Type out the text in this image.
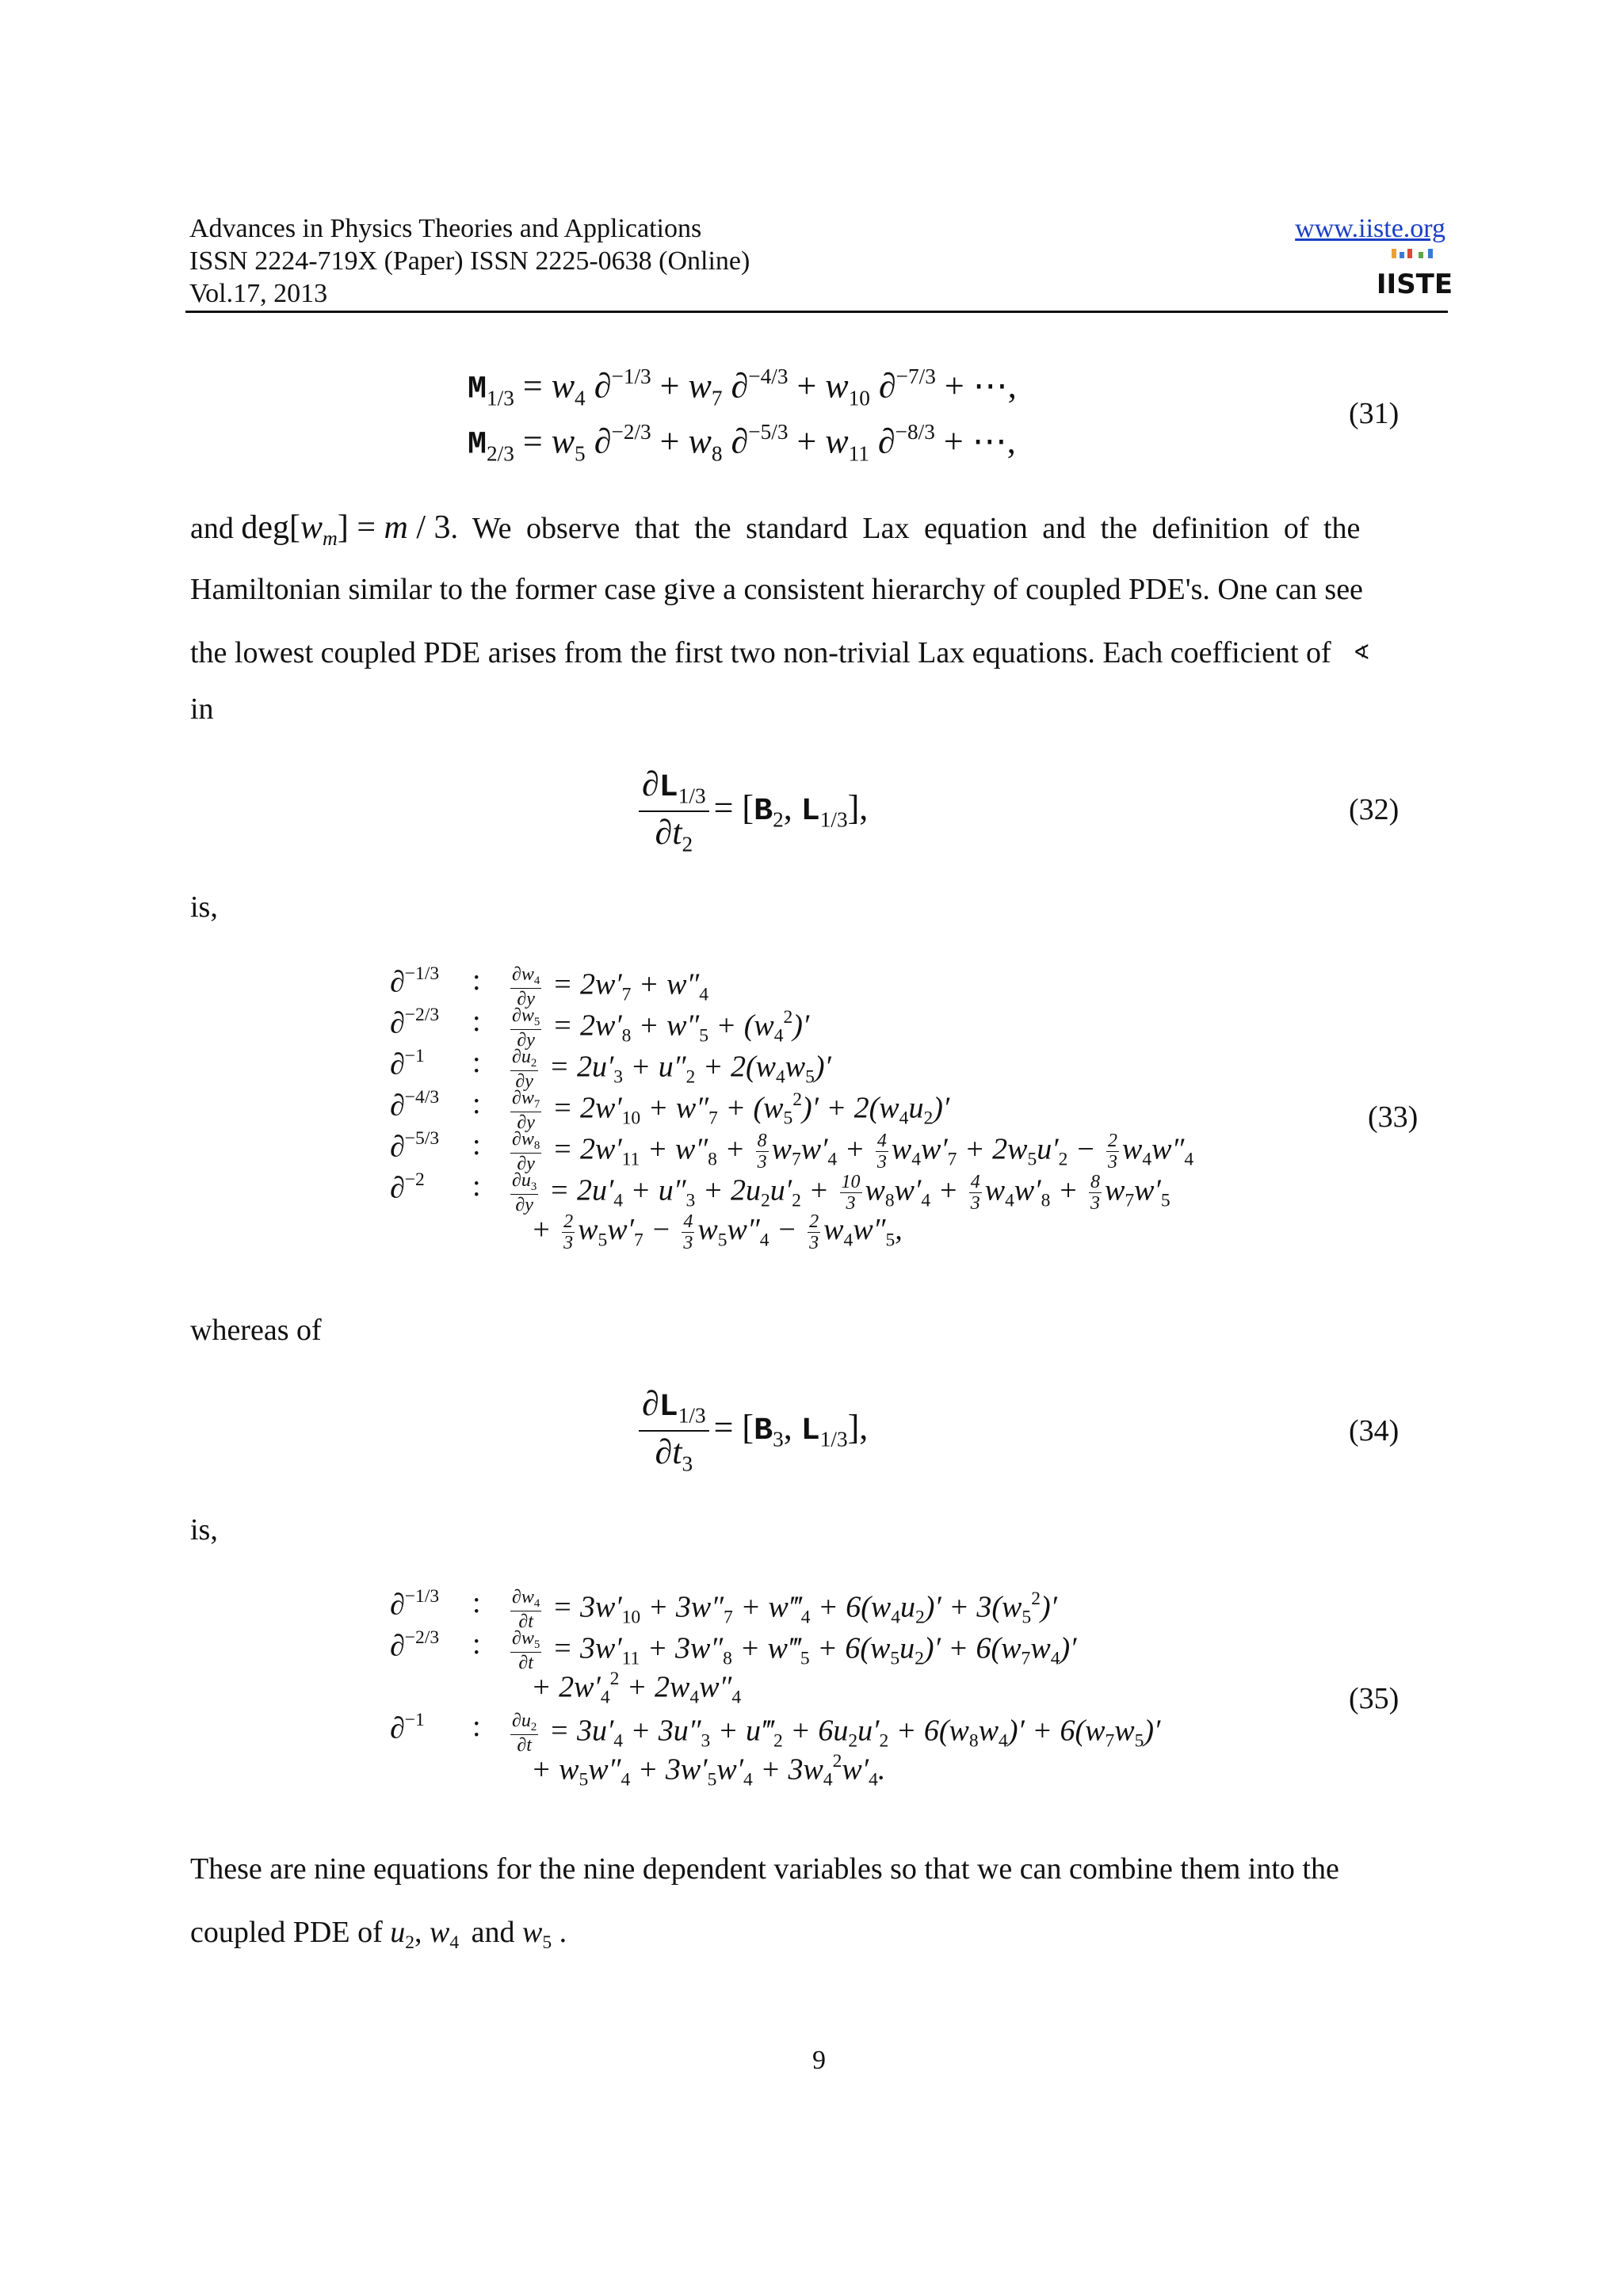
Advances in Physics Theories and Applications
ISSN 2224-719X (Paper) ISSN 2225-0638 (Online)
Vol.17, 2013
www.iiste.org
IISTE
$M_{1/3} = w_4$ $\partial^{-1/3} + w_7$ $\partial^{-4/3} + w_{10}$ ∂$^{-7/3}$ + ⋯,
$M_{2/3} = w_5$ $\partial^{-2/3} + w_8$ $\partial^{-5/3} + w_{11}$ ∂$^{-8/3}$ + ⋯,
(31)
and $deg[w_m] = m / 3$. We observe that the standard Lax equation and the definition of the
Hamiltonian similar to the former case give a consistent hierarchy of coupled PDE's. One can see
the lowest coupled PDE arises from the first two non-trivial Lax equations. Each coefficient of ∢
in
$\frac{\partial L_{1/3}}{\partial t_2} = [B_2$, $L_{1/3}$],	(32)
is,
∂$^{-1/3}$ : $\frac{\partial w_4}{\partial y} = 2w'_7 + w''_4$
∂$^{-2/3}$ : $\frac{\partial w_5}{\partial y} = 2w'_8 + w''_5 + (w_4^2)'$
∂$^{-1}$ : $\frac{\partial u_2}{\partial y} = 2u'_3 + u''_2 + 2(w_4w_5)'$
∂$^{-4/3}$ : $\frac{\partial w_7}{\partial y} = 2w'_{10} + w''_7 + (w_5^2)' + 2(w_4u_2)'$
∂$^{-5/3}$ : $\frac{\partial w_8}{\partial y} = 2w'_{11} + w''_8 + \frac{8}{3} w_7w'_4 + \frac{4}{3} w_4w'_7 + 2w_5u'_2 - \frac{2}{3} w_4w''_4$
∂$^{-2}$ : $\frac{\partial u_3}{\partial y} = 2u'_4 + u''_3 + 2u_2u'_2 + \frac{10}{3} w_8w'_4 + \frac{4}{3} w_4w'_8 + \frac{8}{3} w_7w'_5$
+ $\frac{2}{3} w_5w'_7 - \frac{4}{3} w_5w''_4 - \frac{2}{3} w_4w''_5$,
(33)
whereas of
$\frac{\partial L_{1/3}}{\partial t_3} = [B_3$, $L_{1/3}$],	(34)
is,
∂$^{-1/3}$ : $\frac{\partial w_4}{\partial t} = 3w'_{10} + 3w''_7$ + $w‴_4 + 6(w_4u_2)' + 3(w_5^2)'$
∂$^{-2/3}$ : $\frac{\partial w_5}{\partial t} = 3w'_{11} + 3w''_8$ + $w‴_5 + 6(w_5u_2)' + 6(w_7w_4)'$
+ $2w'_4^2 + 2w_4w''_4$
∂$^{-1}$ : $\frac{\partial u_2}{\partial t} = 3u'_4 + 3u''_3$ + $u‴_2 + 6u_2u'_2 + 6(w_8w_4)' + 6(w_7w_5)'$
+ $w_5w''_4 + 3w'_5w'_4 + 3w_4^2w'_4$.
(35)
These are nine equations for the nine dependent variables so that we can combine them into the
coupled PDE of $u_2$, $w_4$ and $w_5$ .
9
